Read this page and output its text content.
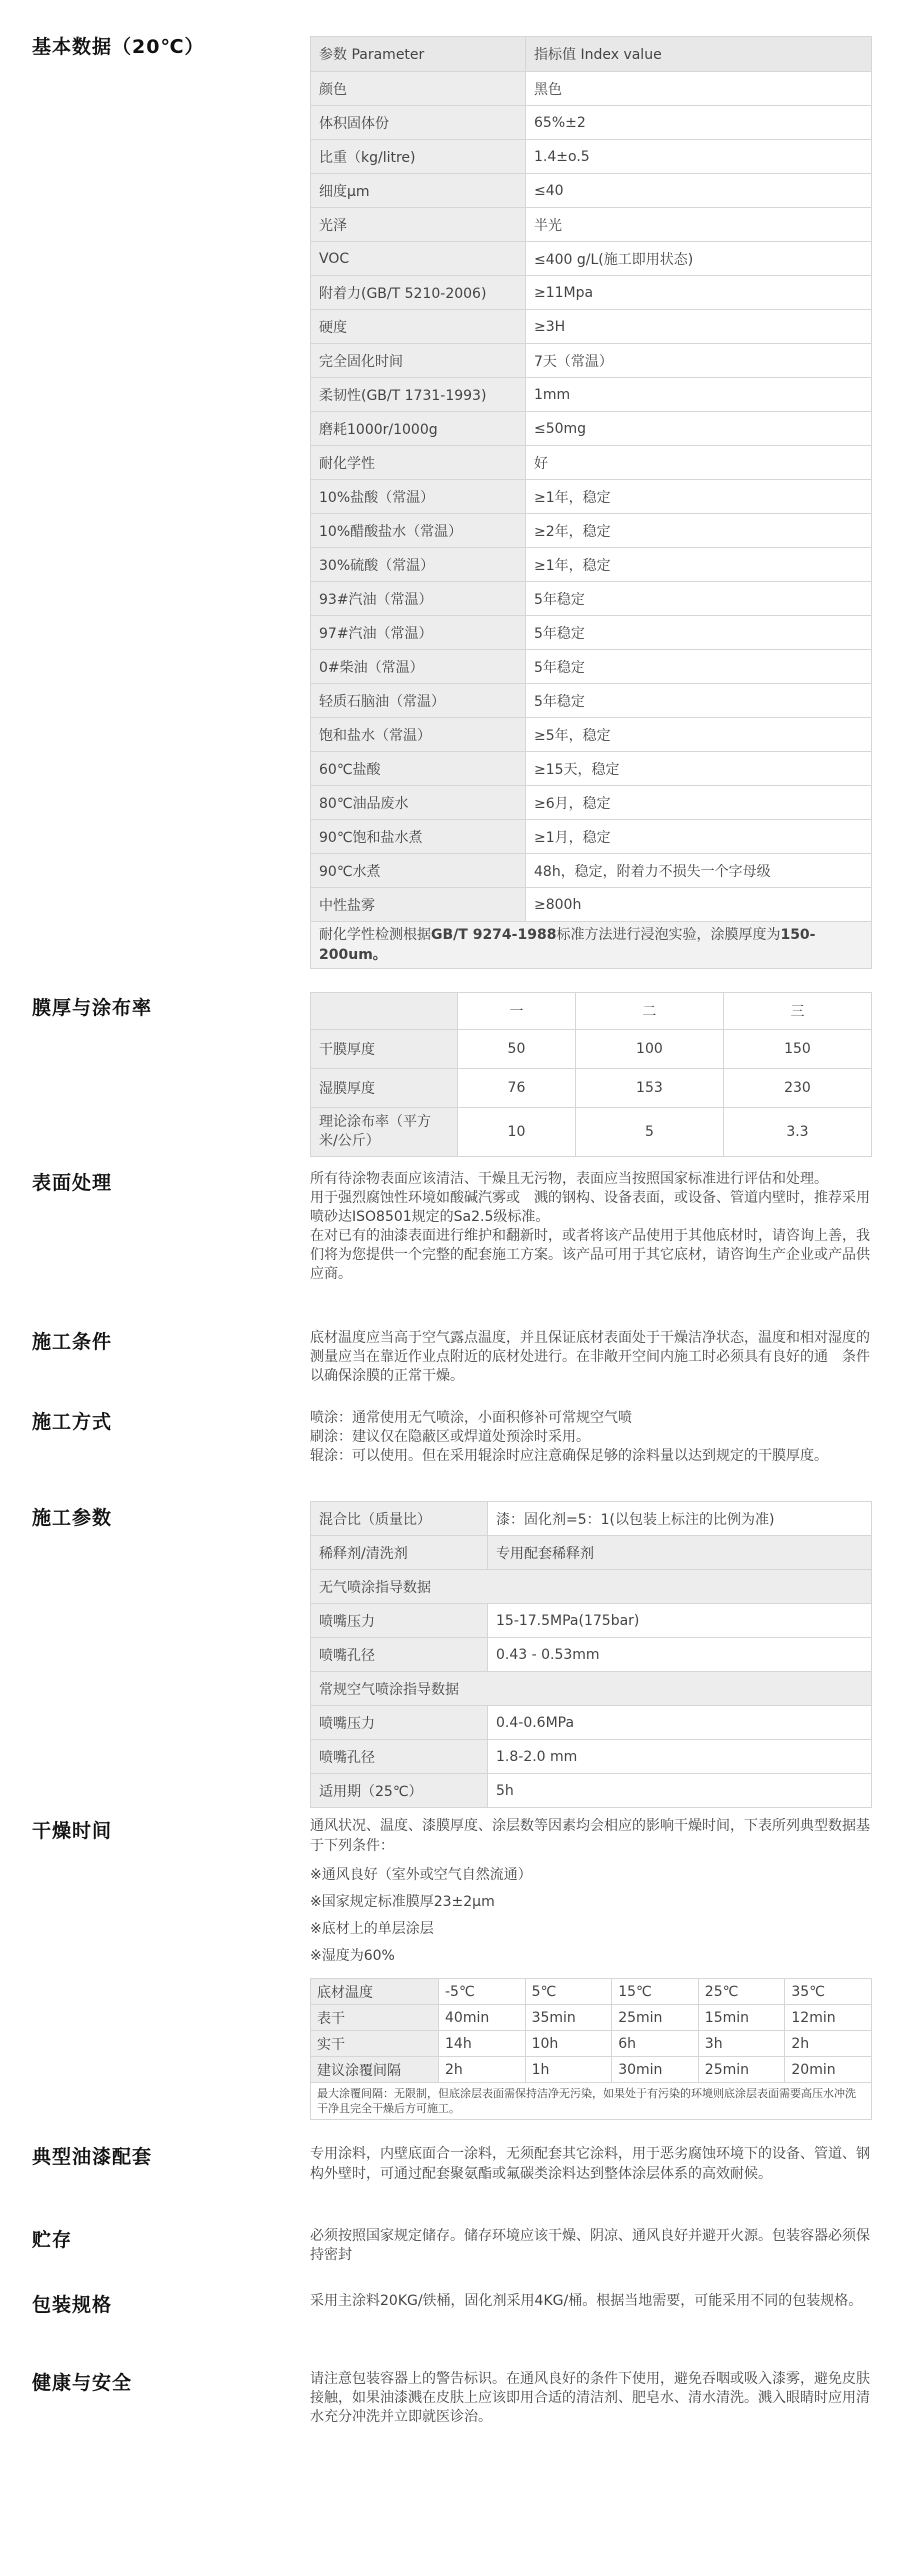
基本数据（20℃）	参数 Parameter	指标值 Index value
颜色	黑色
体积固体份	65%±2
比重（kg/litre)	1.4±o.5
细度μm	≤40
光泽	半光
VOC	≤400 g/L(施工即用状态)
附着力(GB/T 5210-2006)	≥11Mpa
硬度	≥3H
完全固化时间	7天（常温）
柔韧性(GB/T 1731-1993)	1mm
磨耗1000r/1000g	≤50mg
耐化学性	好
10%盐酸（常温）	≥1年，稳定
10%醋酸盐水（常温）	≥2年，稳定
30%硫酸（常温）	≥1年，稳定
93#汽油（常温）	5年稳定
97#汽油（常温）	5年稳定
0#柴油（常温）	5年稳定
轻质石脑油（常温）	5年稳定
饱和盐水（常温）	≥5年，稳定
60℃盐酸	≥15天，稳定
80℃油品废水	≥6月，稳定
90℃饱和盐水煮	≥1月，稳定
90℃水煮	48h，稳定，附着力不损失一个字母级
中性盐雾	≥800h
耐化学性检测根据GB/T 9274-1988标准方法进行浸泡实验，涂膜厚度为150-200um。	
膜厚与涂布率
		一	二	三
干膜厚度	50	100	150
湿膜厚度	76	153	230
理论涂布率（平方米/公斤）	10	5	3.3
表面处理	所有待涂物表面应该清洁、干燥且无污物，表面应当按照国家标准进行评估和处理。
用于强烈腐蚀性环境如酸碱汽雾或　溅的钢构、设备表面，或设备、管道内壁时，推荐采用喷砂达ISO8501规定的Sa2.5级标准。
在对已有的油漆表面进行维护和翻新时，或者将该产品使用于其他底材时，请咨询上善，我们将为您提供一个完整的配套施工方案。该产品可用于其它底材，请咨询生产企业或产品供应商。
施工条件	底材温度应当高于空气露点温度，并且保证底材表面处于干燥洁净状态，温度和相对湿度的测量应当在靠近作业点附近的底材处进行。在非敞开空间内施工时必须具有良好的通　条件以确保涂膜的正常干燥。
施工方式	喷涂：通常使用无气喷涂，小面积修补可常规空气喷
刷涂：建议仅在隐蔽区或焊道处预涂时采用。
辊涂：可以使用。但在采用辊涂时应注意确保足够的涂料量以达到规定的干膜厚度。
施工参数	混合比（质量比）	漆：固化剂=5：1(以包装上标注的比例为准)
稀释剂/清洗剂	专用配套稀释剂
无气喷涂指导数据	
喷嘴压力	15-17.5MPa(175bar)
喷嘴孔径	0.43 - 0.53mm
常规空气喷涂指导数据	
喷嘴压力	0.4-0.6MPa
喷嘴孔径	1.8-2.0 mm
适用期（25℃）	5h
干燥时间	通风状况、温度、漆膜厚度、涂层数等因素均会相应的影响干燥时间，下表所列典型数据基于下列条件：
※通风良好（室外或空气自然流通）
※国家规定标准膜厚23±2μm
※底材上的单层涂层
※湿度为60%
底材温度	-5℃	5℃	15℃	25℃	35℃
表干	40min	35min	25min	15min	12min
实干	14h	10h	6h	3h	2h
建议涂覆间隔	2h	1h	30min	25min	20min
最大涂覆间隔：无限制，但底涂层表面需保持洁净无污染，如果处于有污染的环境则底涂层表面需要高压水冲洗干净且完全干燥后方可施工。					
典型油漆配套	专用涂料，内壁底面合一涂料，无须配套其它涂料，用于恶劣腐蚀环境下的设备、管道、钢构外壁时，可通过配套聚氨酯或氟碳类涂料达到整体涂层体系的高效耐候。
贮存	必须按照国家规定储存。储存环境应该干燥、阴凉、通风良好并避开火源。包装容器必须保持密封
包装规格	采用主涂料20KG/铁桶，固化剂采用4KG/桶。根据当地需要，可能采用不同的包装规格。
健康与安全	请注意包装容器上的警告标识。在通风良好的条件下使用，避免吞咽或吸入漆雾，避免皮肤接触，如果油漆溅在皮肤上应该即用合适的清洁剂、肥皂水、清水清洗。溅入眼睛时应用清水充分冲洗并立即就医诊治。
